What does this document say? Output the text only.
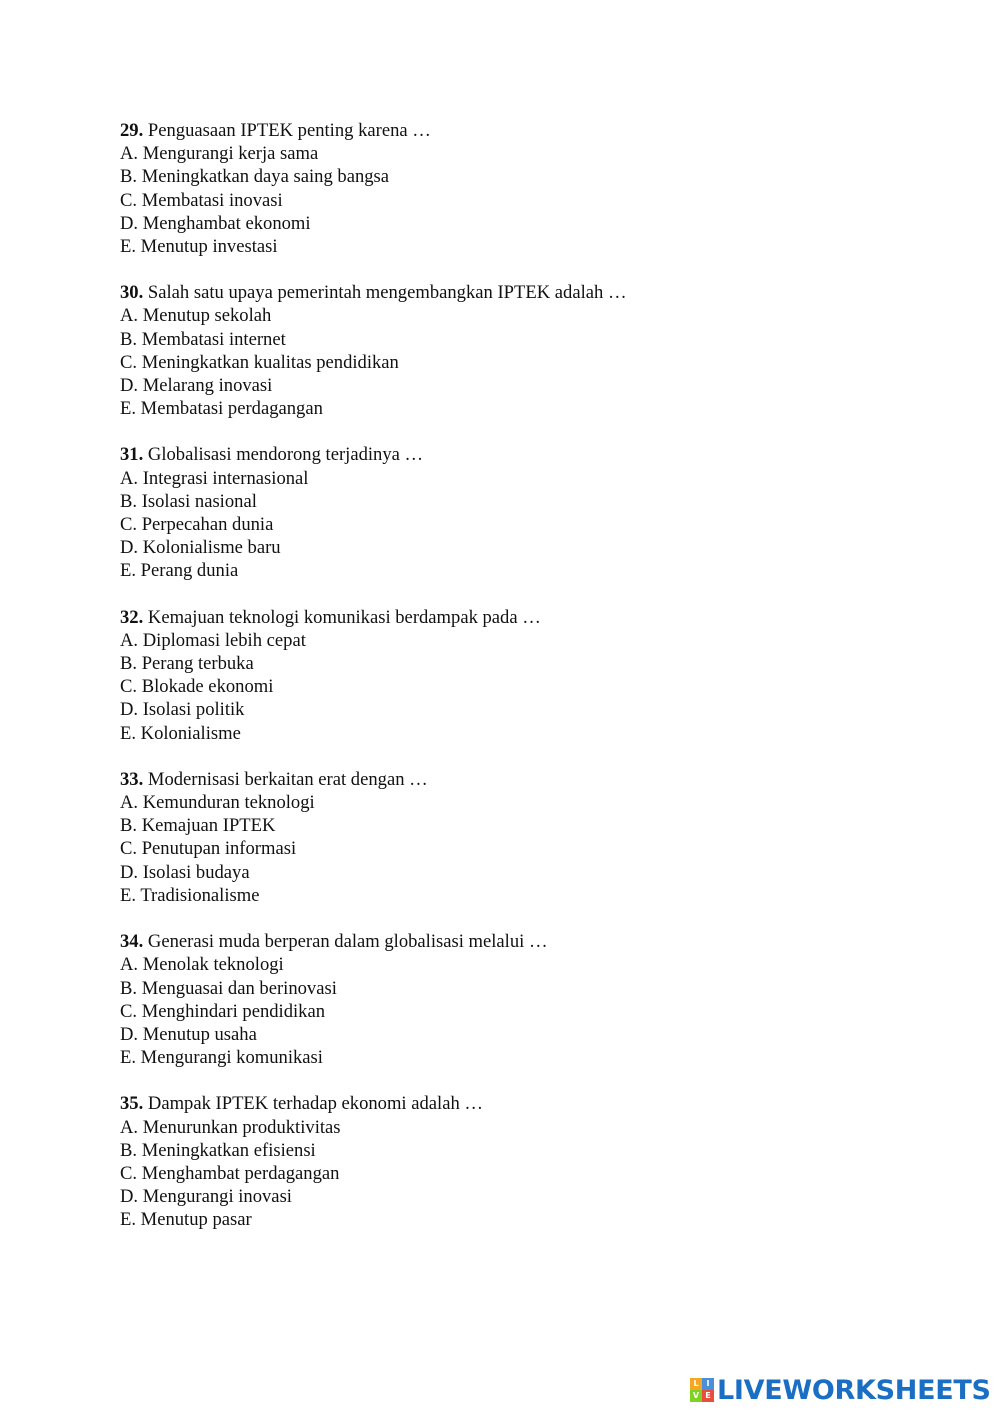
29. Penguasaan IPTEK penting karena …
A. Mengurangi kerja sama
B. Meningkatkan daya saing bangsa
C. Membatasi inovasi
D. Menghambat ekonomi
E. Menutup investasi
30. Salah satu upaya pemerintah mengembangkan IPTEK adalah …
A. Menutup sekolah
B. Membatasi internet
C. Meningkatkan kualitas pendidikan
D. Melarang inovasi
E. Membatasi perdagangan
31. Globalisasi mendorong terjadinya …
A. Integrasi internasional
B. Isolasi nasional
C. Perpecahan dunia
D. Kolonialisme baru
E. Perang dunia
32. Kemajuan teknologi komunikasi berdampak pada …
A. Diplomasi lebih cepat
B. Perang terbuka
C. Blokade ekonomi
D. Isolasi politik
E. Kolonialisme
33. Modernisasi berkaitan erat dengan …
A. Kemunduran teknologi
B. Kemajuan IPTEK
C. Penutupan informasi
D. Isolasi budaya
E. Tradisionalisme
34. Generasi muda berperan dalam globalisasi melalui …
A. Menolak teknologi
B. Menguasai dan berinovasi
C. Menghindari pendidikan
D. Menutup usaha
E. Mengurangi komunikasi
35. Dampak IPTEK terhadap ekonomi adalah …
A. Menurunkan produktivitas
B. Meningkatkan efisiensi
C. Menghambat perdagangan
D. Mengurangi inovasi
E. Menutup pasar
L I
V E LIVEWORKSHEETS
